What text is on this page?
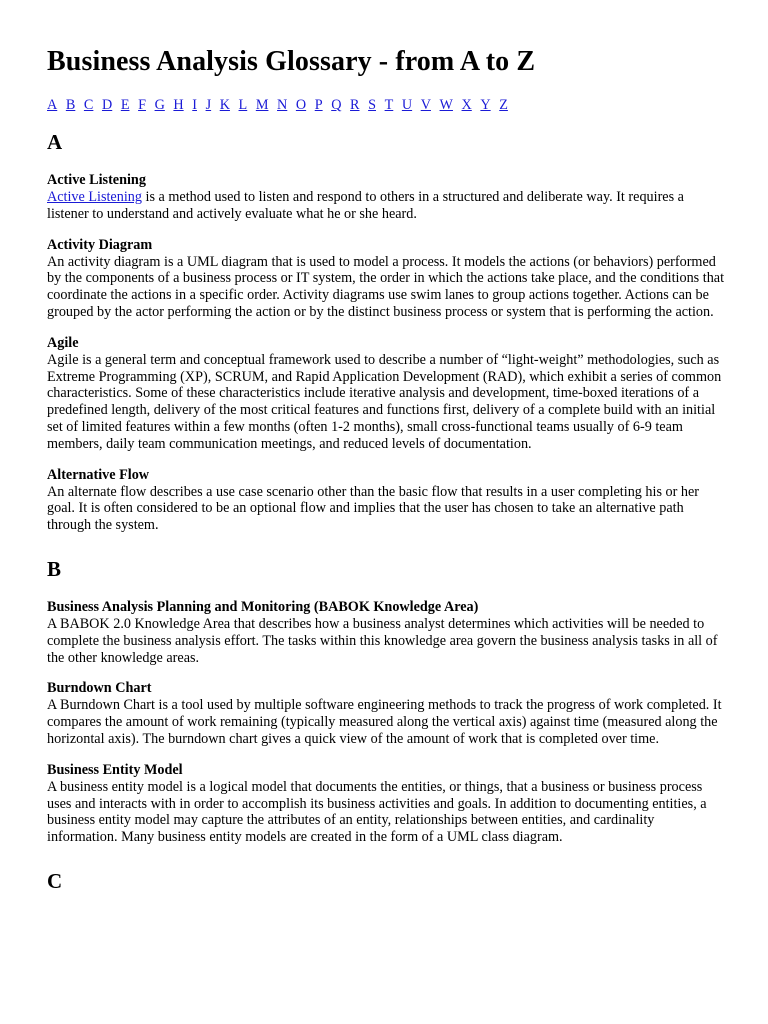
Business Analysis Glossary - from A to Z
A B C D E F G H I J K L M N O P Q R S T U V W X Y Z
A
Active Listening

Active Listening is a method used to listen and respond to others in a structured and deliberate way. It requires a listener to understand and actively evaluate what he or she heard.

Activity Diagram

An activity diagram is a UML diagram that is used to model a process. It models the actions (or behaviors) performed by the components of a business process or IT system, the order in which the actions take place, and the conditions that coordinate the actions in a specific order. Activity diagrams use swim lanes to group actions together. Actions can be grouped by the actor performing the action or by the distinct business process or system that is performing the action.

Agile

Agile is a general term and conceptual framework used to describe a number of “light-weight” methodologies, such as Extreme Programming (XP), SCRUM, and Rapid Application Development (RAD), which exhibit a series of common characteristics. Some of these characteristics include iterative analysis and development, time-boxed iterations of a predefined length, delivery of the most critical features and functions first, delivery of a complete build with an initial set of limited features within a few months (often 1-2 months), small cross-functional teams usually of 6-9 team members, daily team communication meetings, and reduced levels of documentation.

Alternative Flow

An alternate flow describes a use case scenario other than the basic flow that results in a user completing his or her goal. It is often considered to be an optional flow and implies that the user has chosen to take an alternative path through the system.

B
Business Analysis Planning and Monitoring (BABOK Knowledge Area)

A BABOK 2.0 Knowledge Area that describes how a business analyst determines which activities will be needed to complete the business analysis effort. The tasks within this knowledge area govern the business analysis tasks in all of the other knowledge areas.

Burndown Chart

A Burndown Chart is a tool used by multiple software engineering methods to track the progress of work completed. It compares the amount of work remaining (typically measured along the vertical axis) against time (measured along the horizontal axis). The burndown chart gives a quick view of the amount of work that is completed over time.

Business Entity Model

A business entity model is a logical model that documents the entities, or things, that a business or business process uses and interacts with in order to accomplish its business activities and goals. In addition to documenting entities, a business entity model may capture the attributes of an entity, relationships between entities, and cardinality information. Many business entity models are created in the form of a UML class diagram.

C
